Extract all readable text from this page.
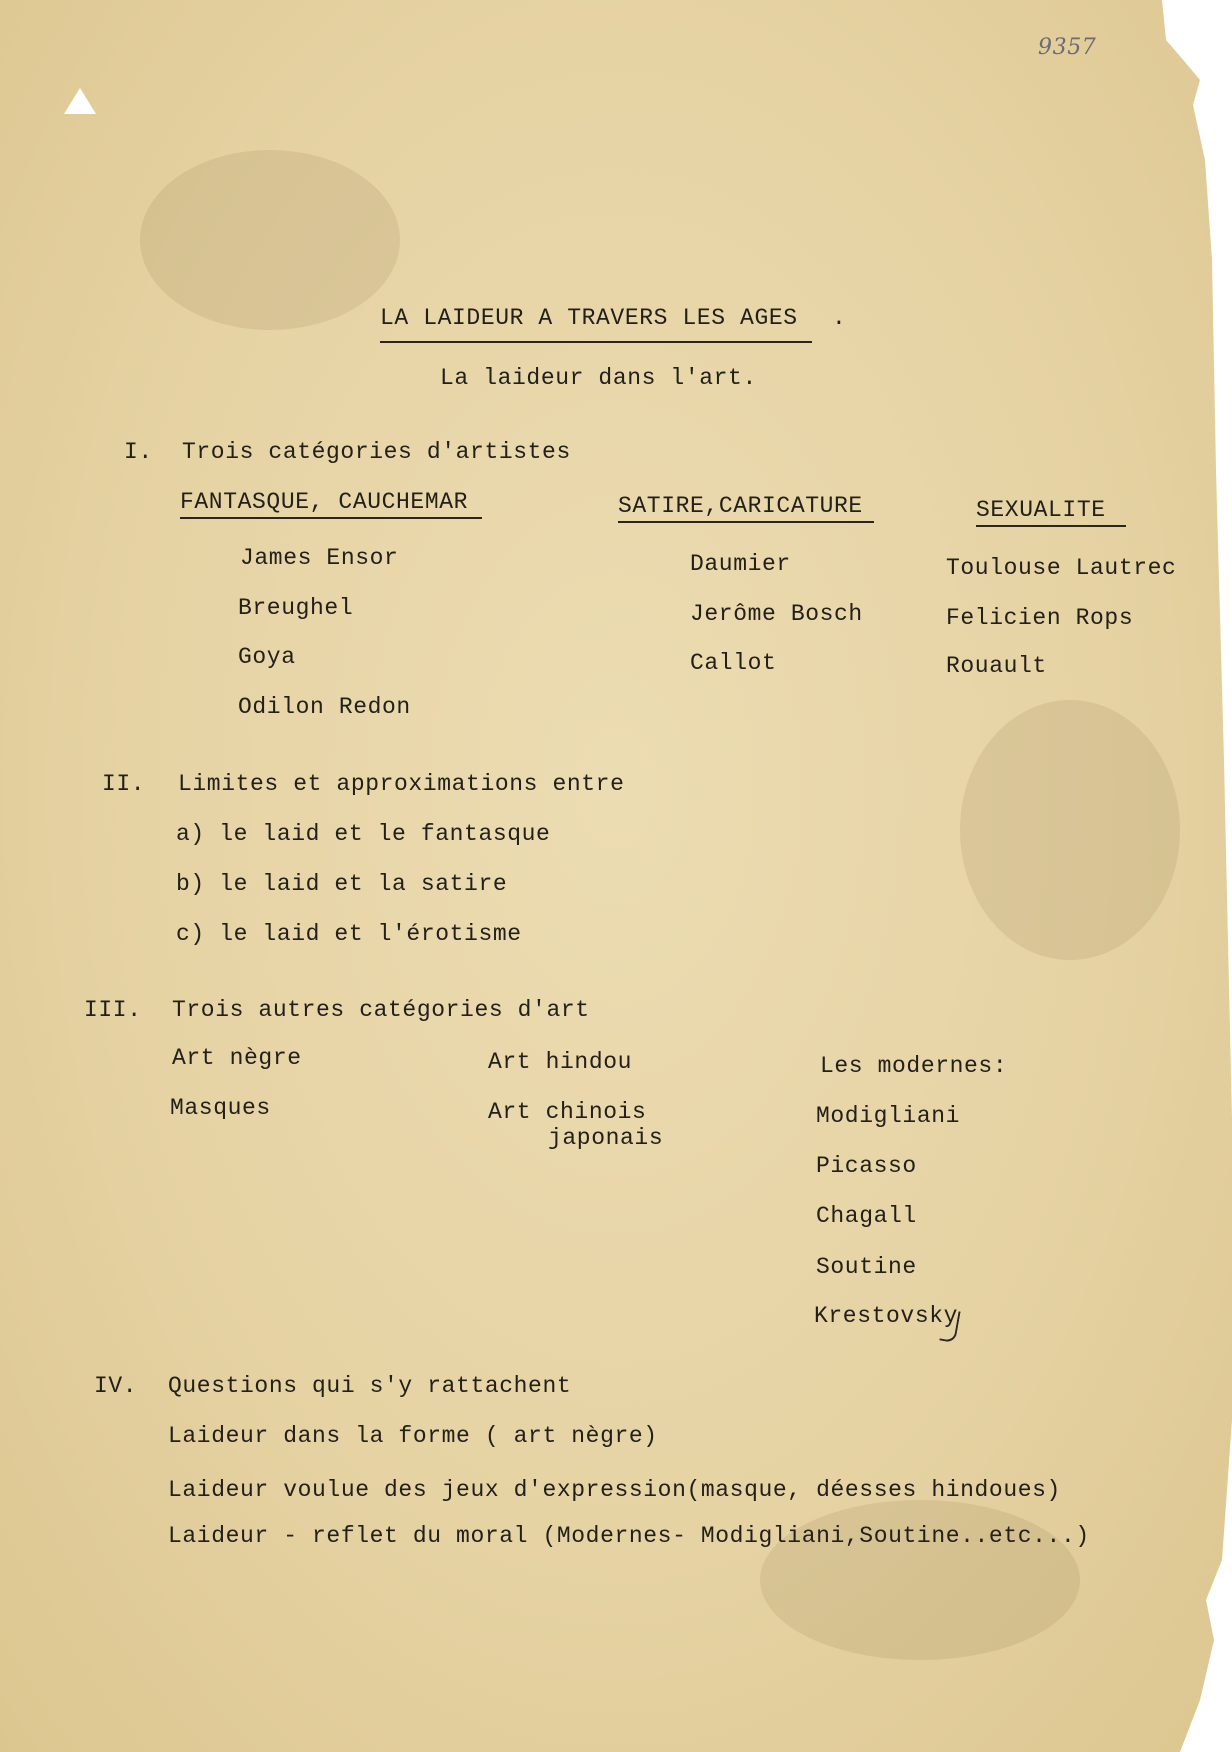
9357

LA LAIDEUR A TRAVERS LES AGES .

La laideur dans l'art.

I. Trois catégories d'artistes

FANTASQUE, CAUCHEMAR	SATIRE,CARICATURE	SEXUALITE

James Ensor

Breughel

Goya

Odilon Redon

Daumier

Jerôme Bosch

Callot

Toulouse Lautrec

Felicien Rops

Rouault

II. Limites et approximations entre

a) le laid et le fantasque

b) le laid et la satire

c) le laid et l'érotisme

III. Trois autres catégories d'art

Art nègre

Masques

Art hindou

Art chinois

japonais

Les modernes:

Modigliani

Picasso

Chagall

Soutine

Krestovsky

IV. Questions qui s'y rattachent

Laideur dans la forme ( art nègre)

Laideur voulue des jeux d'expression(masque, déesses hindoues)

Laideur - reflet du moral (Modernes- Modigliani,Soutine..etc...)
